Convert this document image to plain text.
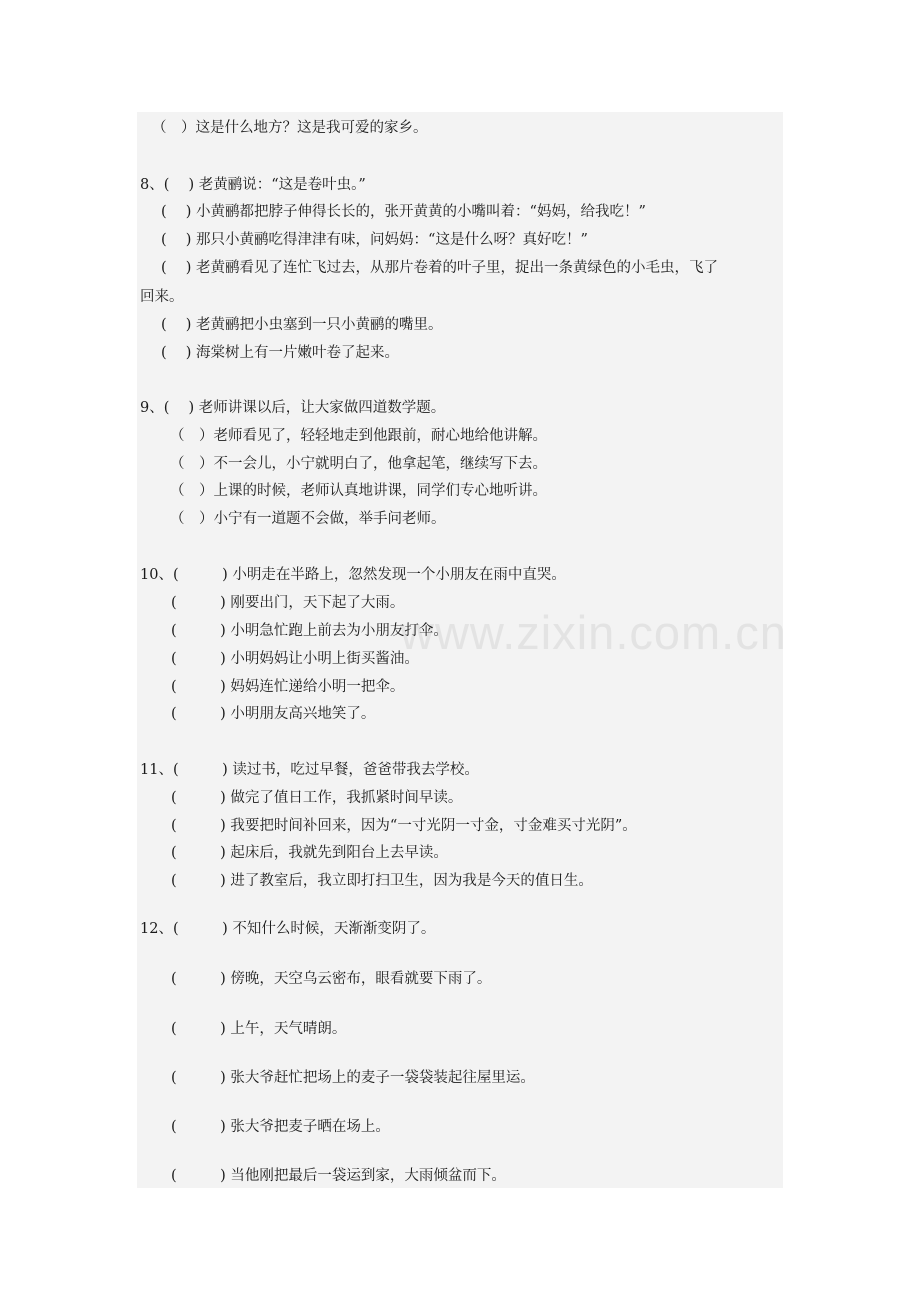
www.zixin.com.cn

（　）这是什么地方？这是我可爱的家乡。

8、(　 ) 老黄鹂说：“这是卷叶虫。”

(　 ) 小黄鹂都把脖子伸得长长的，张开黄黄的小嘴叫着：“妈妈，给我吃！”

(　 ) 那只小黄鹂吃得津津有味，问妈妈：“这是什么呀？真好吃！”

(　 ) 老黄鹂看见了连忙飞过去，从那片卷着的叶子里，捉出一条黄绿色的小毛虫，飞了

回来。

(　 ) 老黄鹂把小虫塞到一只小黄鹂的嘴里。

(　 ) 海棠树上有一片嫩叶卷了起来。

9、(　 ) 老师讲课以后，让大家做四道数学题。

（　）老师看见了，轻轻地走到他跟前，耐心地给他讲解。

（　）不一会儿，小宁就明白了，他拿起笔，继续写下去。

（　）上课的时候，老师认真地讲课，同学们专心地听讲。

（　）小宁有一道题不会做，举手问老师。

10、(　　　) 小明走在半路上，忽然发现一个小朋友在雨中直哭。

(　　　) 刚要出门，天下起了大雨。

(　　　) 小明急忙跑上前去为小朋友打伞。

(　　　) 小明妈妈让小明上街买酱油。

(　　　) 妈妈连忙递给小明一把伞。

(　　　) 小明朋友高兴地笑了。

11、(　　　) 读过书，吃过早餐，爸爸带我去学校。

(　　　) 做完了值日工作，我抓紧时间早读。

(　　　) 我要把时间补回来，因为“一寸光阴一寸金，寸金难买寸光阴”。

(　　　) 起床后，我就先到阳台上去早读。

(　　　) 进了教室后，我立即打扫卫生，因为我是今天的值日生。

12、(　　　) 不知什么时候，天渐渐变阴了。

(　　　) 傍晚，天空乌云密布，眼看就要下雨了。

(　　　) 上午，天气晴朗。

(　　　) 张大爷赶忙把场上的麦子一袋袋装起往屋里运。

(　　　) 张大爷把麦子晒在场上。

(　　　) 当他刚把最后一袋运到家，大雨倾盆而下。
